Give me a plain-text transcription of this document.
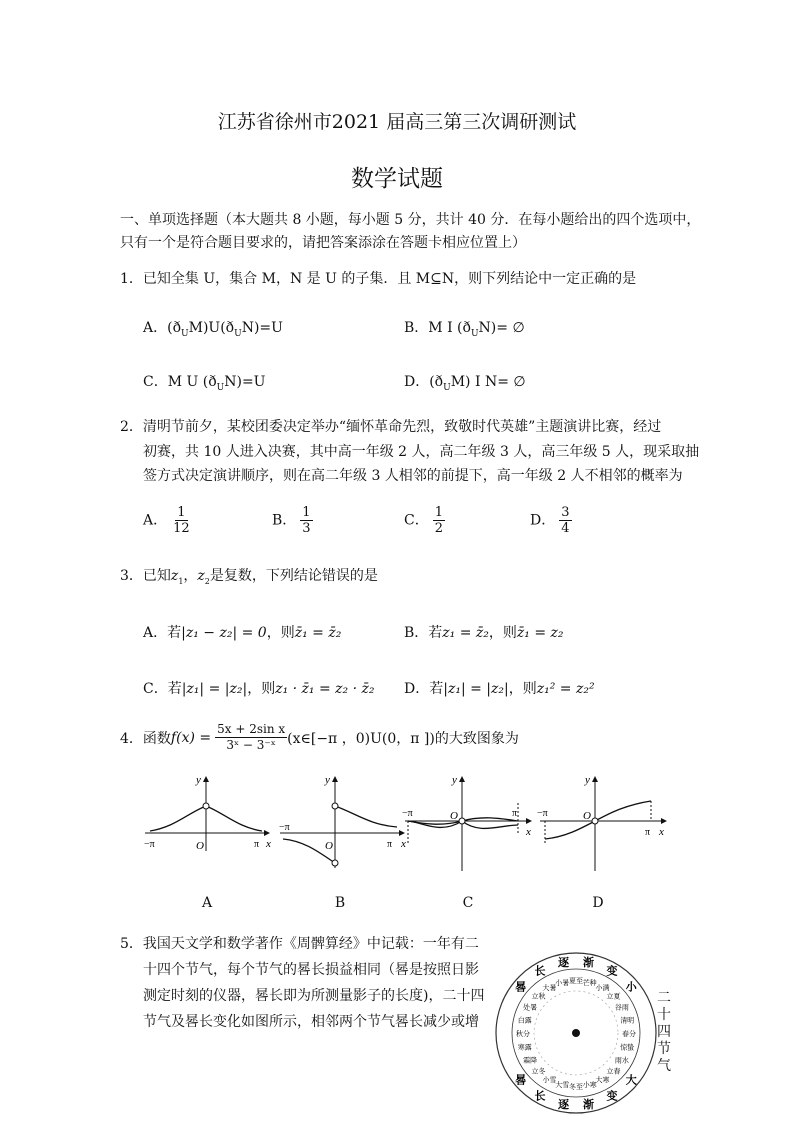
江苏省徐州市2021 届高三第三次调研测试
数学试题
一、单项选择题（本大题共 8 小题，每小题 5 分，共计 40 分．在每小题给出的四个选项中，
只有一个是符合题目要求的，请把答案添涂在答题卡相应位置上）
1．已知全集 U，集合 M，N 是 U 的子集．且 M⊆N，则下列结论中一定正确的是
A．$(ð_UM)U(ð_UN)=U$	B．M I $(ð_UN)=$ ∅
C．M U $(ð_UN)=U$	D．$(ð_UM)$ I N= ∅
2．清明节前夕，某校团委决定举办“缅怀革命先烈，致敬时代英雄”主题演讲比赛，经过
初赛，共 10 人进入决赛，其中高一年级 2 人，高二年级 3 人，高三年级 5 人，现采取抽
签方式决定演讲顺序，则在高二年级 3 人相邻的前提下，高一年级 2 人不相邻的概率为
A． $\frac{1}{12}$	B． $\frac{1}{3}$	C． $\frac{1}{2}$	D． $\frac{3}{4}$
3．已知$z_1$，$z_2$是复数，下列结论错误的是
A．若|z₁ − z₂| = 0，则z̄₁ = z̄₂	B．若z₁ = z̄₂，则z̄₁ = z₂
C．若|z₁| = |z₂|，则z₁ · z̄₁ = z₂ · z̄₂ D．若|z₁| = |z₂|，则z₁² = z₂²
4．函数 $f(x) = \frac{\text{5x + 2sin x}}{\text{3ˣ − 3⁻ˣ}}$ (x∈[−π ，0)U(0，π ])的大致图象为
y
x
O
−π	π
A
y
x
O
−π
π
B
y
x
O
−π	π
C
y
x
O
−π
π
D
5．我国天文学和数学著作《周髀算经》中记载：一年有二
十四个节气，每个节气的晷长损益相同（晷是按照日影
测定时刻的仪器，晷长即为所测量影子的长度)，二十四
节气及晷长变化如图所示，相邻两个节气晷长减少或增
夏至 芒种
小满
立夏
谷雨
清明
春分
惊蛰
雨水
立春
大寒
小寒
冬至
大雪
小雪
立冬
霜降
寒露
秋分
白露
处暑
立秋
大暑
小暑
晷
长
逐 渐
变
小
晷
长
逐 渐
变
大
二
十
四
节
气
